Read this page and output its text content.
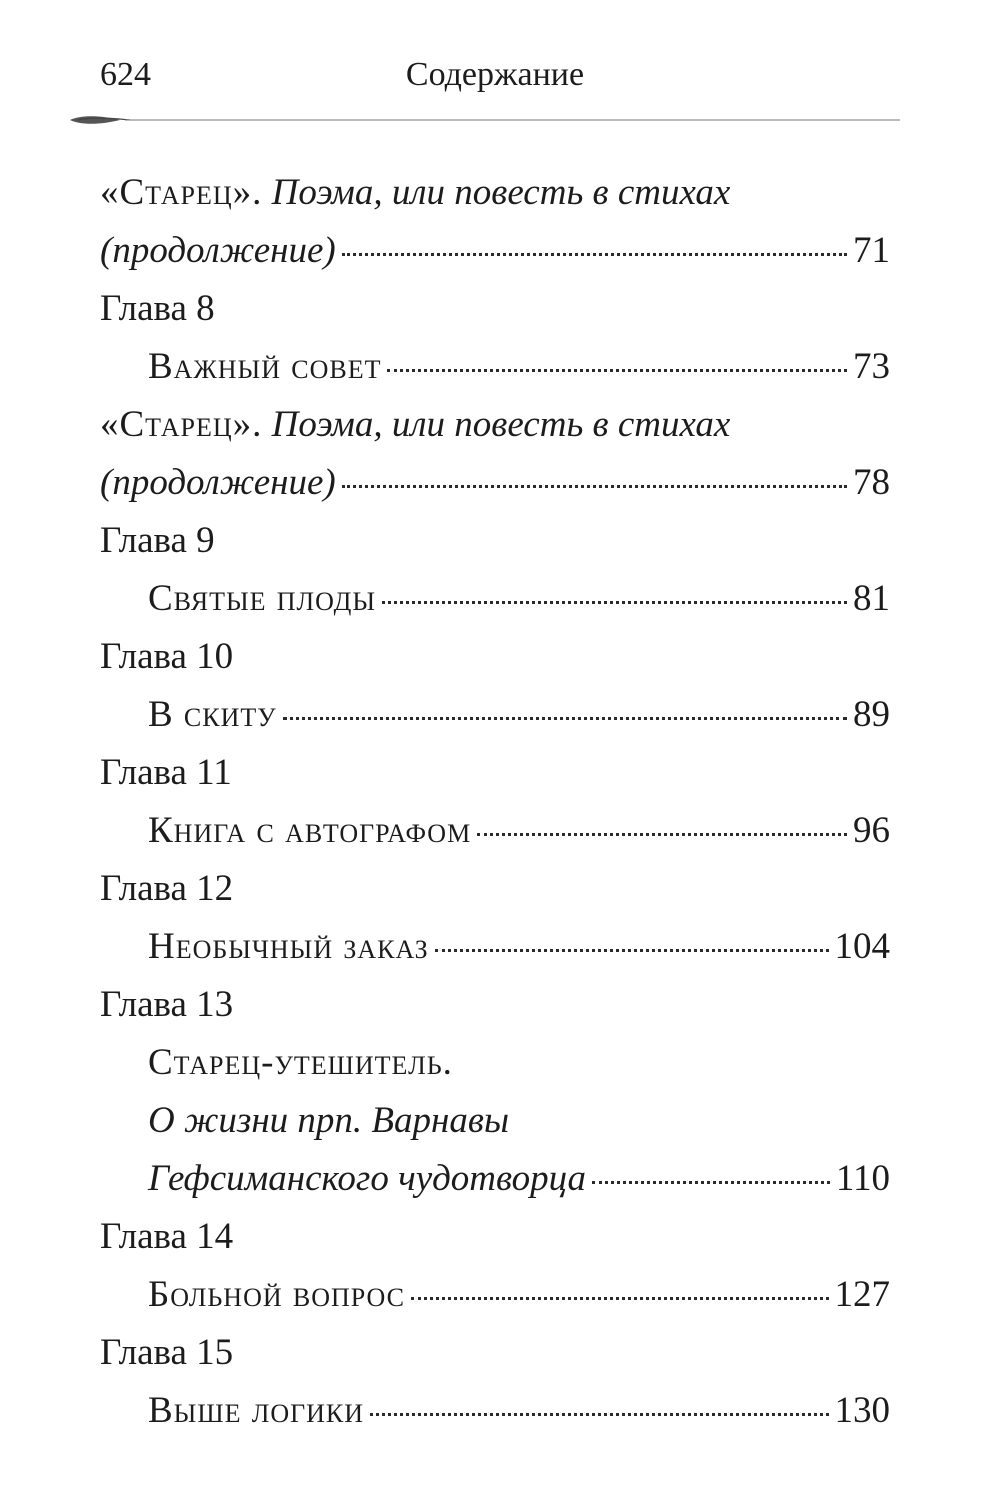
624	Содержание
«Старец».
Поэма, или повесть в стихах
(продолжение)	71
Глава 8
Важный совет	73
«Старец».
Поэма, или повесть в стихах
(продолжение)	78
Глава 9
Святые плоды	81
Глава 10
В скиту	89
Глава 11
Книга с автографом	96
Глава 12
Необычный заказ	104
Глава 13
Старец-утешитель.
О жизни прп. Варнавы
Гефсиманского чудотворца	110
Глава 14
Больной вопрос	127
Глава 15
Выше логики	130
